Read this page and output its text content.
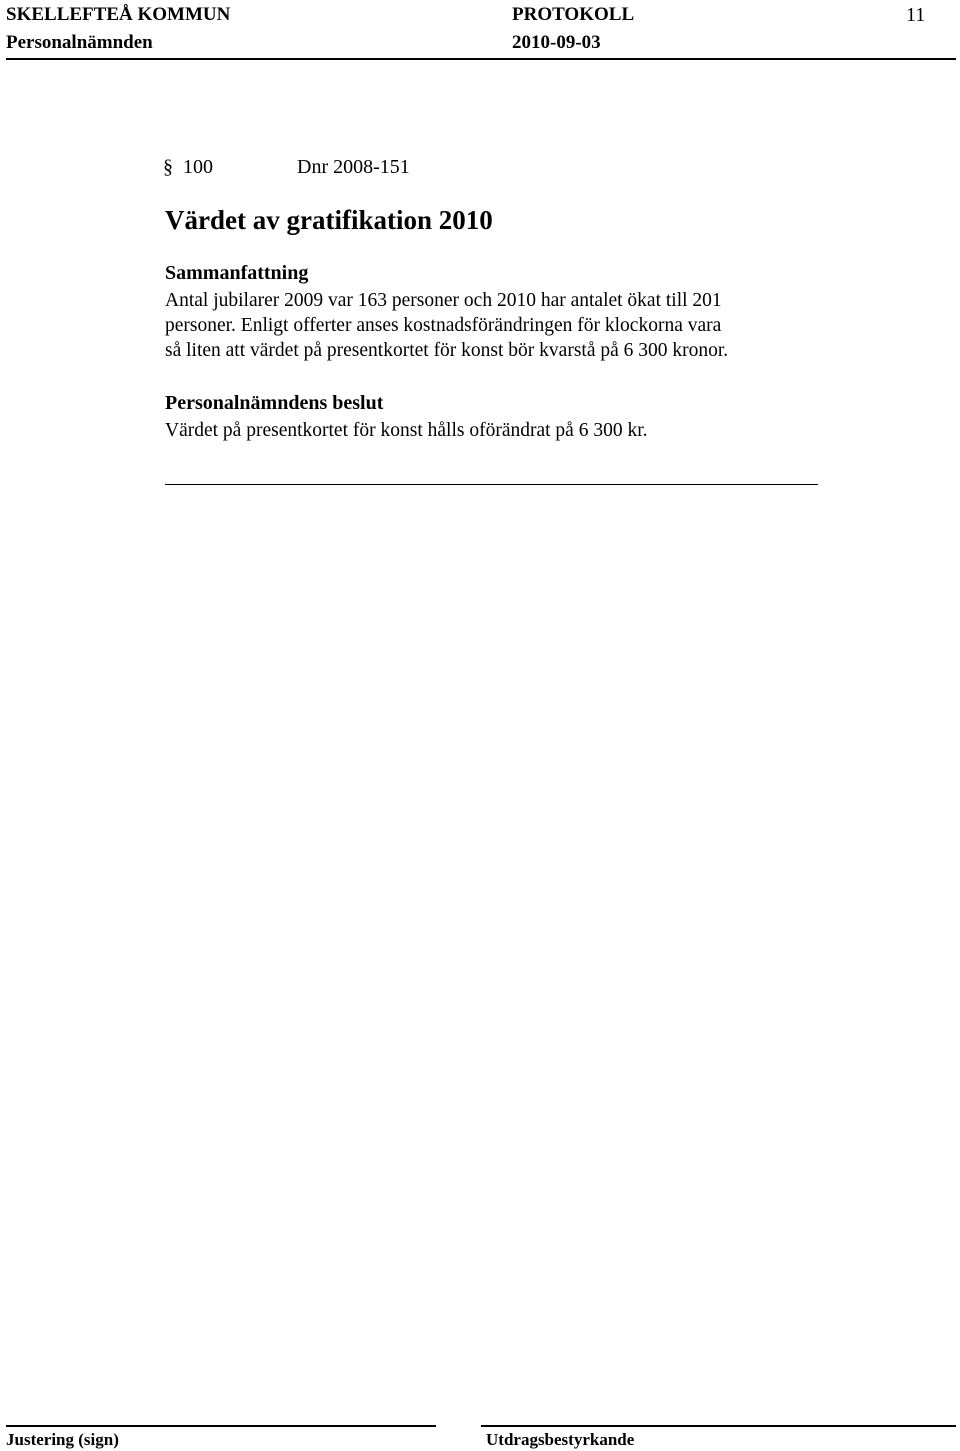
SKELLEFTEÅ KOMMUN	PROTOKOLL	11
Personalnämnden	2010-09-03
§ 100	Dnr 2008-151
Värdet av gratifikation 2010
Sammanfattning
Antal jubilarer 2009 var 163 personer och 2010 har antalet ökat till 201
personer. Enligt offerter anses kostnadsförändringen för klockorna vara
så liten att värdet på presentkortet för konst bör kvarstå på 6 300 kronor.
Personalnämndens beslut
Värdet på presentkortet för konst hålls oförändrat på 6 300 kr.
Justering (sign)	Utdragsbestyrkande
